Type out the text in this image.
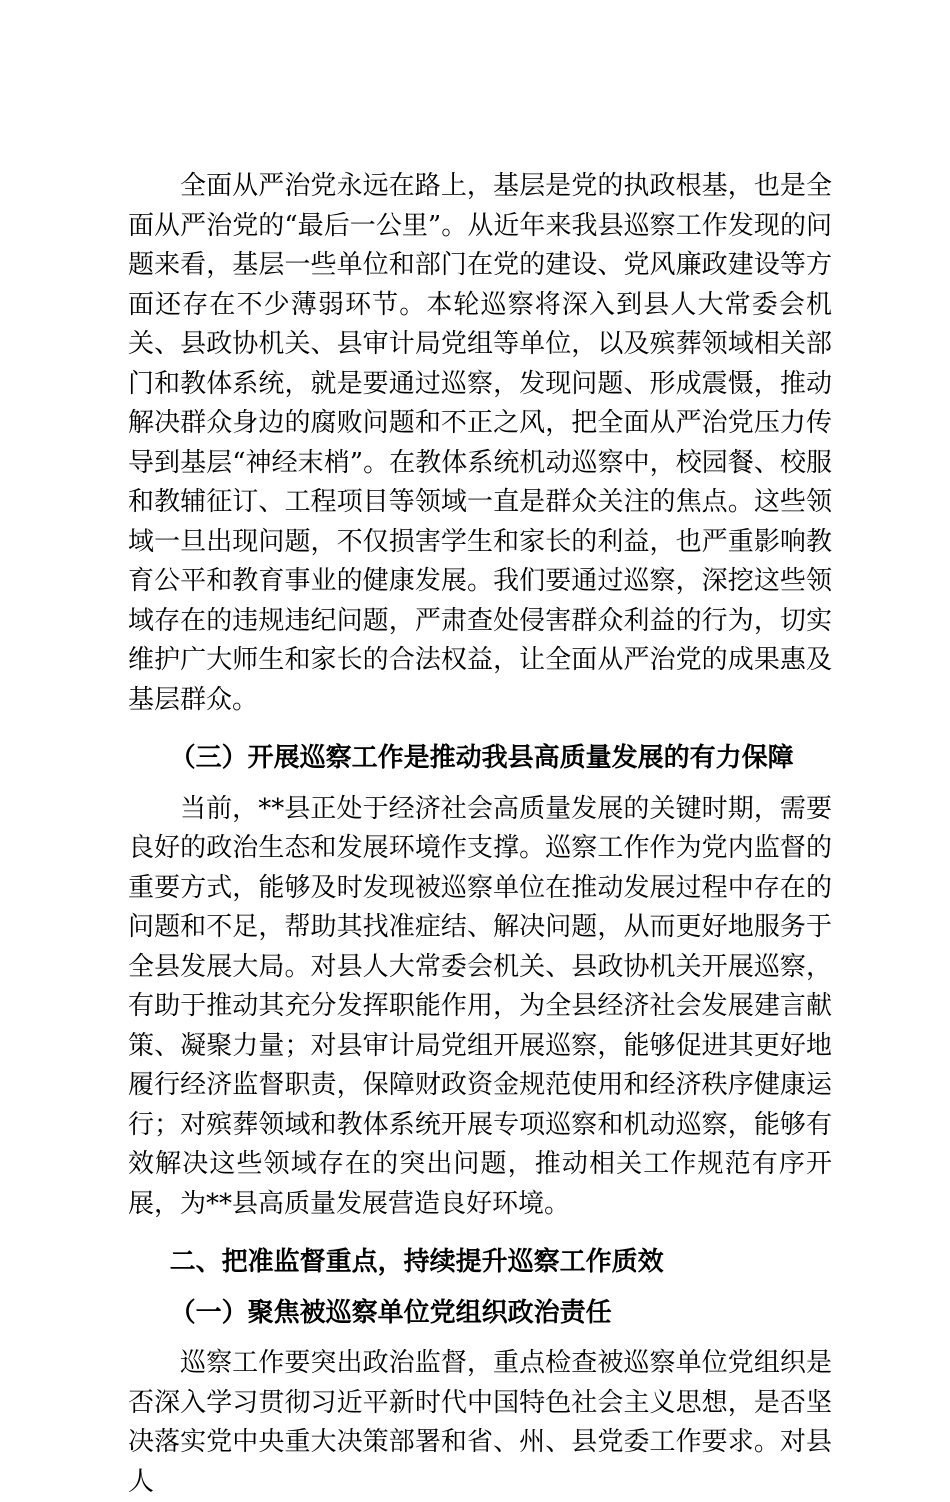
全面从严治党永远在路上，基层是党的执政根基，也是全面从严治党的“最后一公里”。从近年来我县巡察工作发现的问题来看，基层一些单位和部门在党的建设、党风廉政建设等方面还存在不少薄弱环节。本轮巡察将深入到县人大常委会机关、县政协机关、县审计局党组等单位，以及殡葬领域相关部门和教体系统，就是要通过巡察，发现问题、形成震慑，推动解决群众身边的腐败问题和不正之风，把全面从严治党压力传导到基层“神经末梢”。在教体系统机动巡察中，校园餐、校服和教辅征订、工程项目等领域一直是群众关注的焦点。这些领域一旦出现问题，不仅损害学生和家长的利益，也严重影响教育公平和教育事业的健康发展。我们要通过巡察，深挖这些领域存在的违规违纪问题，严肃查处侵害群众利益的行为，切实维护广大师生和家长的合法权益，让全面从严治党的成果惠及基层群众。

（三）开展巡察工作是推动我县高质量发展的有力保障

当前，**县正处于经济社会高质量发展的关键时期，需要良好的政治生态和发展环境作支撑。巡察工作作为党内监督的重要方式，能够及时发现被巡察单位在推动发展过程中存在的问题和不足，帮助其找准症结、解决问题，从而更好地服务于全县发展大局。对县人大常委会机关、县政协机关开展巡察，有助于推动其充分发挥职能作用，为全县经济社会发展建言献策、凝聚力量；对县审计局党组开展巡察，能够促进其更好地履行经济监督职责，保障财政资金规范使用和经济秩序健康运行；对殡葬领域和教体系统开展专项巡察和机动巡察，能够有效解决这些领域存在的突出问题，推动相关工作规范有序开展，为**县高质量发展营造良好环境。

二、把准监督重点，持续提升巡察工作质效
（一）聚焦被巡察单位党组织政治责任

巡察工作要突出政治监督，重点检查被巡察单位党组织是否深入学习贯彻习近平新时代中国特色社会主义思想，是否坚决落实党中央重大决策部署和省、州、县党委工作要求。对县人
